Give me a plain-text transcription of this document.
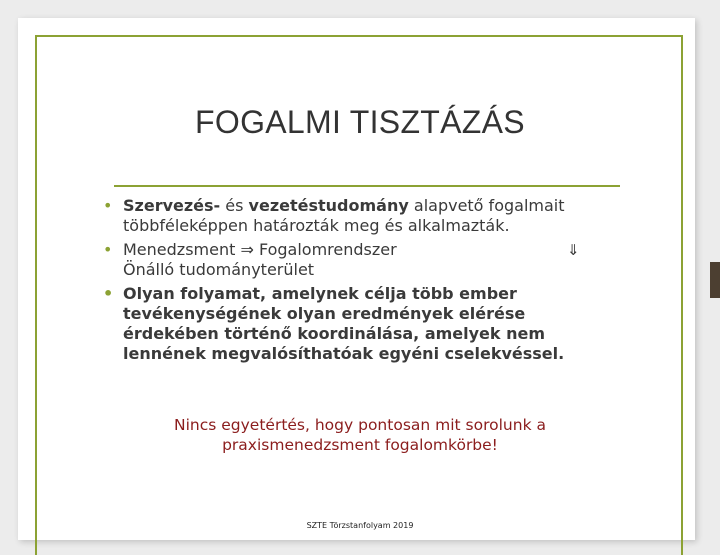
FOGALMI TISZTÁZÁS
• Szervezés- és vezetéstudomány alapvető fogalmait többféleképpen határozták meg és alkalmazták.
• Menedzsment ⇒ Fogalomrendszer	⇓

Önálló tudományterület
• Olyan folyamat, amelynek célja több ember tevékenységének olyan eredmények elérése érdekében történő koordinálása, amelyek nem lennének megvalósíthatóak egyéni cselekvéssel.
Nincs egyetértés, hogy pontosan mit sorolunk a praxismenedzsment fogalomkörbe!
SZTE Törzstanfolyam 2019
